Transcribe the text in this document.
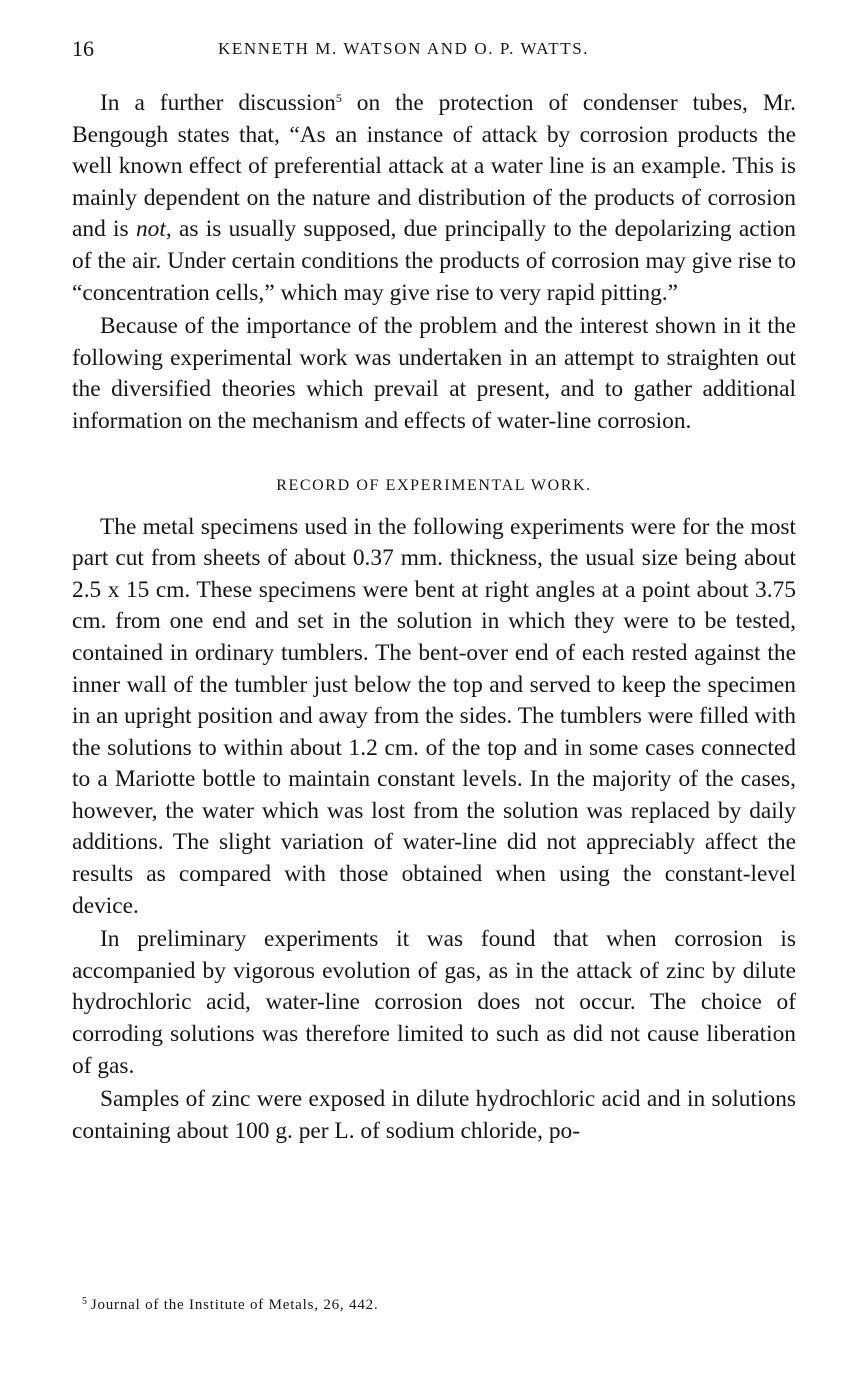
16	KENNETH M. WATSON AND O. P. WATTS.

In a further discussion$^5$ on the protection of condenser tubes, Mr. Bengough states that, “As an instance of attack by corrosion products the well known effect of preferential attack at a water line is an example. This is mainly dependent on the nature and distribution of the products of corrosion and is not, as is usually supposed, due principally to the depolarizing action of the air. Under certain conditions the products of corrosion may give rise to “concentration cells,” which may give rise to very rapid pitting.”

Because of the importance of the problem and the interest shown in it the following experimental work was undertaken in an attempt to straighten out the diversified theories which prevail at present, and to gather additional information on the mechanism and effects of water-line corrosion.

RECORD OF EXPERIMENTAL WORK.

The metal specimens used in the following experiments were for the most part cut from sheets of about 0.37 mm. thickness, the usual size being about 2.5 x 15 cm. These specimens were bent at right angles at a point about 3.75 cm. from one end and set in the solution in which they were to be tested, contained in ordinary tumblers. The bent-over end of each rested against the inner wall of the tumbler just below the top and served to keep the specimen in an upright position and away from the sides. The tumblers were filled with the solutions to within about 1.2 cm. of the top and in some cases connected to a Mariotte bottle to maintain constant levels. In the majority of the cases, however, the water which was lost from the solution was replaced by daily additions. The slight variation of water-line did not appreciably affect the results as compared with those obtained when using the constant-level device.

In preliminary experiments it was found that when corrosion is accompanied by vigorous evolution of gas, as in the attack of zinc by dilute hydrochloric acid, water-line corrosion does not occur. The choice of corroding solutions was therefore limited to such as did not cause liberation of gas.

Samples of zinc were exposed in dilute hydrochloric acid and in solutions containing about 100 g. per L. of sodium chloride, po-

$^5$ Journal of the Institute of Metals, 26, 442.
